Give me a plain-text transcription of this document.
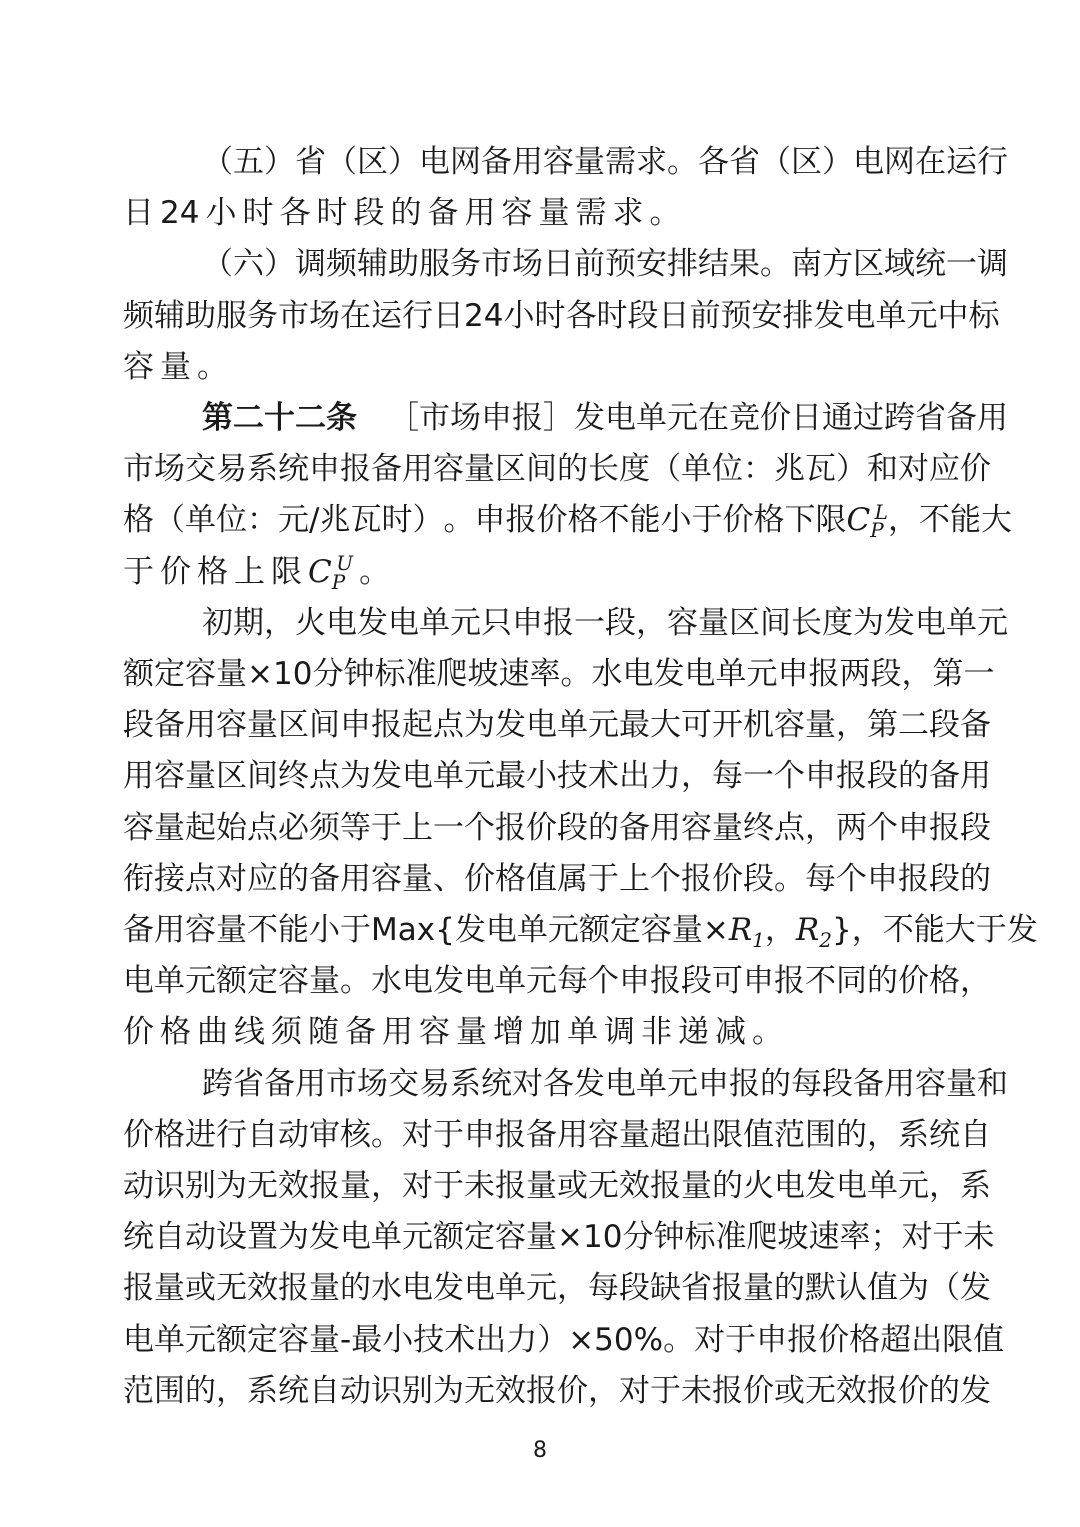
（ 五 ） 省 （ 区 ） 电 网 备 用 容 量 需 求 。 各 省 （ 区 ） 电 网 在 运 行
日 24 小 时 各 时 段 的 备 用 容 量 需 求 。
（ 六 ） 调 频 辅 助 服 务 市 场 日 前 预 安 排 结 果 。 南 方 区 域 统 一 调
频 辅 助 服 务 市 场 在 运 行 日 24 小 时 各 时 段 日 前 预 安 排 发 电 单 元 中 标
容 量 。
第 二 十 二 条
　 ［ 市 场 申 报 ］ 发 电 单 元 在 竞 价 日 通 过 跨 省 备 用
市 场 交 易 系 统 申 报 备 用 容 量 区 间 的 长 度 （ 单 位 ： 兆 瓦 ） 和 对 应 价
格 （ 单 位 ： 元 / 兆 瓦 时 ） 。 申 报 价 格 不 能 小 于 价 格 下 限 $C_P^L$ ， 不 能 大
于 价 格 上 限 $C_P^U$ 。
初 期 ， 火 电 发 电 单 元 只 申 报 一 段 ， 容 量 区 间 长 度 为 发 电 单 元
额 定 容 量 × 10 分 钟 标 准 爬 坡 速 率 。 水 电 发 电 单 元 申 报 两 段 ， 第 一
段 备 用 容 量 区 间 申 报 起 点 为 发 电 单 元 最 大 可 开 机 容 量 ， 第 二 段 备
用 容 量 区 间 终 点 为 发 电 单 元 最 小 技 术 出 力 ， 每 一 个 申 报 段 的 备 用
容 量 起 始 点 必 须 等 于 上 一 个 报 价 段 的 备 用 容 量 终 点 ， 两 个 申 报 段
衔 接 点 对 应 的 备 用 容 量 、 价 格 值 属 于 上 个 报 价 段 。 每 个 申 报 段 的
备 用 容 量 不 能 小 于 Max { 发 电 单 元 额 定 容 量 × $R_1$ ， $R_2$ } ， 不 能 大 于 发
电 单 元 额 定 容 量 。 水 电 发 电 单 元 每 个 申 报 段 可 申 报 不 同 的 价 格 ，
价 格 曲 线 须 随 备 用 容 量 增 加 单 调 非 递 减 。
跨 省 备 用 市 场 交 易 系 统 对 各 发 电 单 元 申 报 的 每 段 备 用 容 量 和
价 格 进 行 自 动 审 核 。 对 于 申 报 备 用 容 量 超 出 限 值 范 围 的 ， 系 统 自
动 识 别 为 无 效 报 量 ， 对 于 未 报 量 或 无 效 报 量 的 火 电 发 电 单 元 ， 系
统 自 动 设 置 为 发 电 单 元 额 定 容 量 × 10 分 钟 标 准 爬 坡 速 率 ； 对 于 未
报 量 或 无 效 报 量 的 水 电 发 电 单 元 ， 每 段 缺 省 报 量 的 默 认 值 为 （ 发
电 单 元 额 定 容 量 - 最 小 技 术 出 力 ） × 50% 。 对 于 申 报 价 格 超 出 限 值
范 围 的 ， 系 统 自 动 识 别 为 无 效 报 价 ， 对 于 未 报 价 或 无 效 报 价 的 发
8
